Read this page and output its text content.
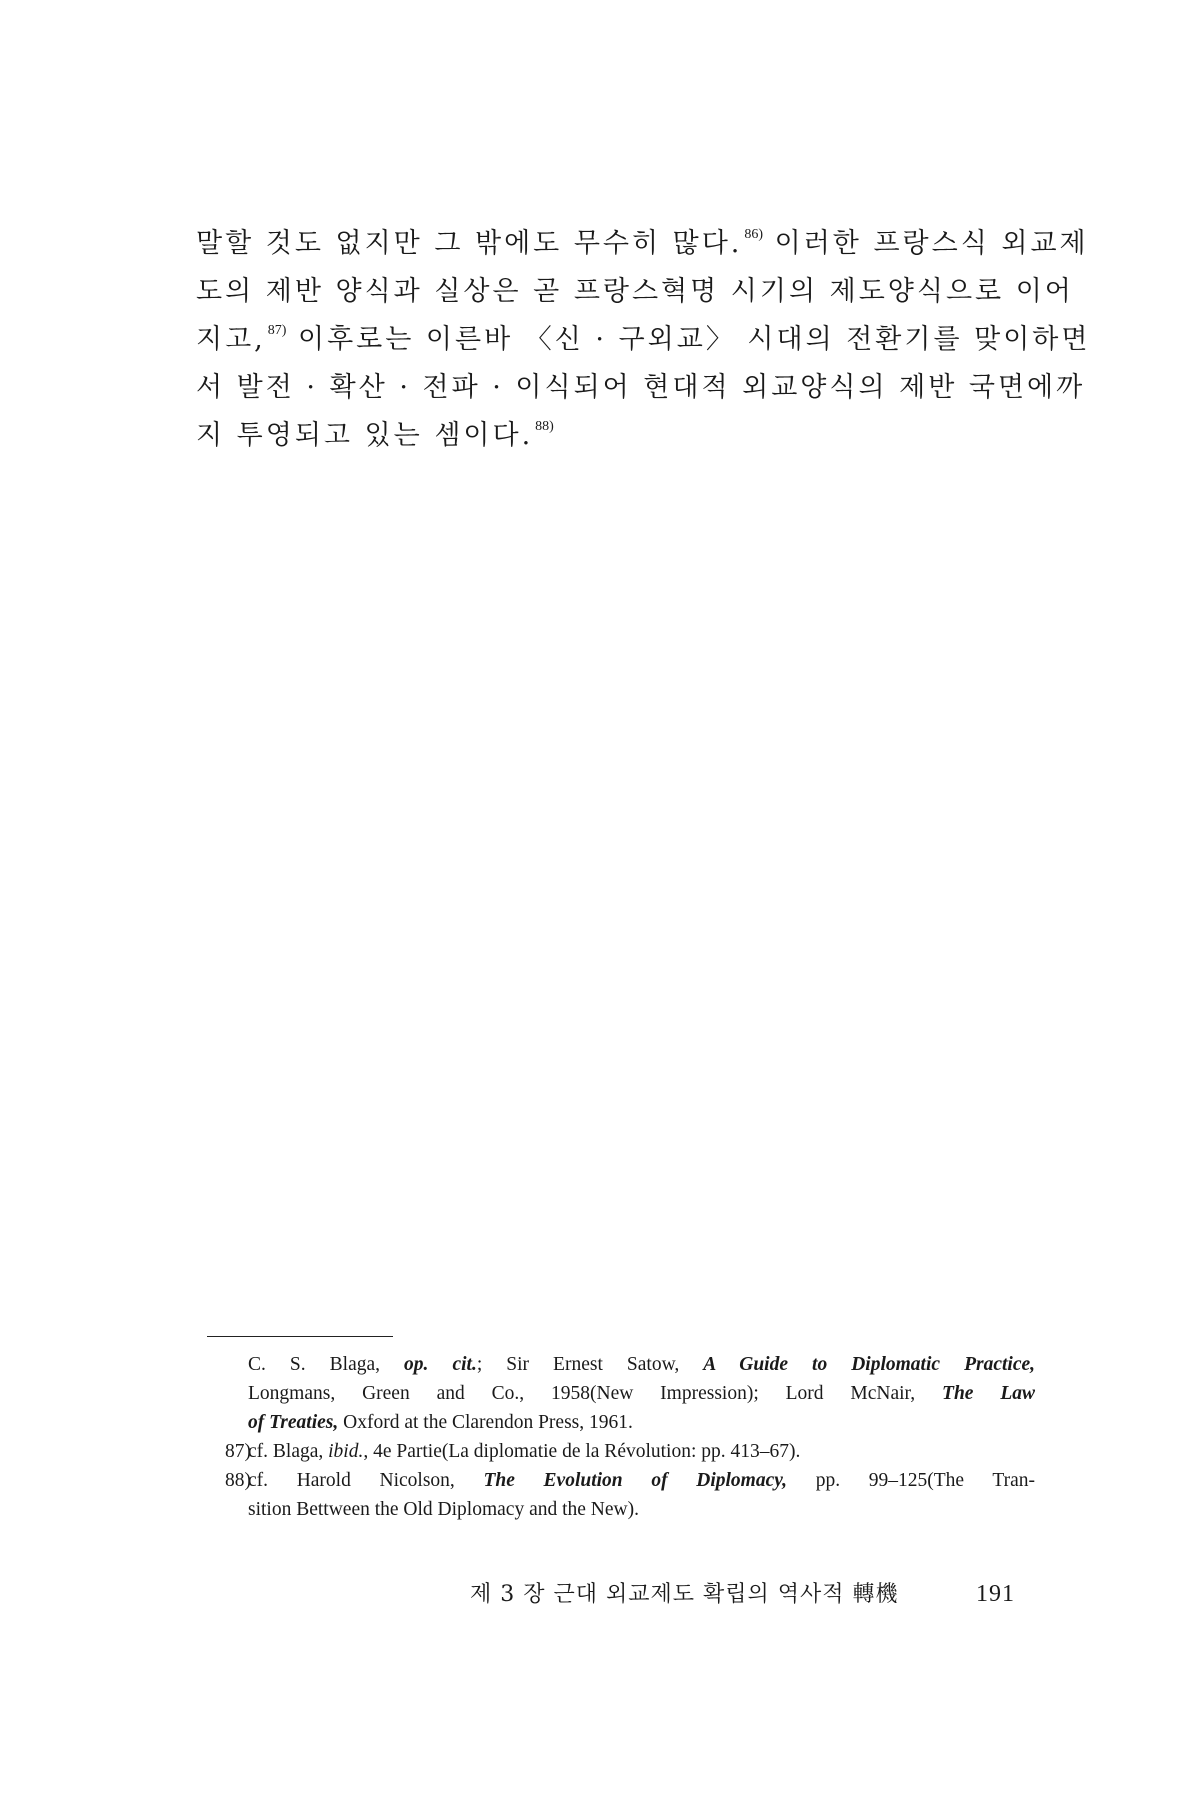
말할 것도 없지만 그 밖에도 무수히 많다. $^{86)}$ 이러한 프랑스식 외교제
도의 제반 양식과 실상은 곧 프랑스혁명 시기의 제도양식으로 이어
지고, $^{87)}$ 이후로는 이른바 〈신 · 구외교〉 시대의 전환기를 맞이하면
서 발전 · 확산 · 전파 · 이식되어 현대적 외교양식의 제반 국면에까
지 투영되고 있는 셈이다. $^{88)}$
C. S. Blaga, op. cit.; Sir Ernest Satow, A Guide to Diplomatic Practice,
Longmans, Green and Co., 1958(New Impression); Lord McNair, The Law
of Treaties, Oxford at the Clarendon Press, 1961.
87)cf. Blaga, ibid., 4e Partie(La diplomatie de la Révolution: pp. 413–67).
88)cf. Harold Nicolson, The Evolution of Diplomacy, pp. 99–125(The Tran-
sition Bettween the Old Diplomacy and the New).
제 3 장 근대 외교제도 확립의 역사적 轉機	191
